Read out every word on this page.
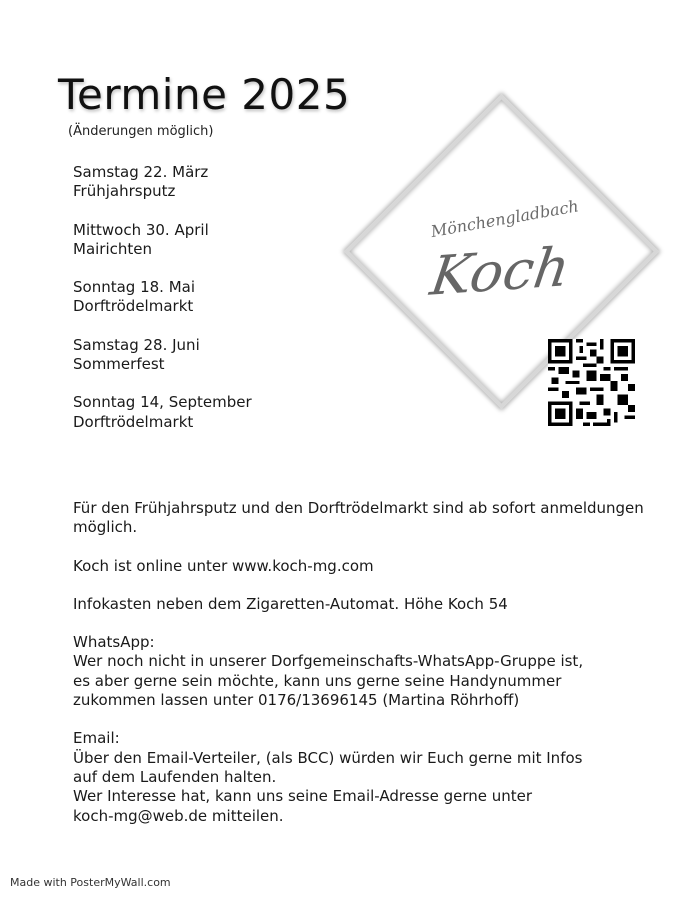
Termine 2025
(Änderungen möglich)
Samstag 22. März
Frühjahrsputz
Mittwoch 30. April
Mairichten
Sonntag 18. Mai
Dorftrödelmarkt
Samstag 28. Juni
Sommerfest
Sonntag 14, September
Dorftrödelmarkt
Mönchengladbach
Koch

Für den Frühjahrsputz und den Dorftrödelmarkt sind ab sofort anmeldungen möglich.

Koch ist online unter www.koch-mg.com

Infokasten neben dem Zigaretten-Automat. Höhe Koch 54

WhatsApp:
Wer noch nicht in unserer Dorfgemeinschafts-WhatsApp-Gruppe ist,
es aber gerne sein möchte, kann uns gerne seine Handynummer
zukommen lassen unter 0176/13696145 (Martina Röhrhoff)

Email:
Über den Email-Verteiler, (als BCC) würden wir Euch gerne mit Infos
auf dem Laufenden halten.
Wer Interesse hat, kann uns seine Email-Adresse gerne unter
koch-mg@web.de mitteilen.

Made with PosterMyWall.com
